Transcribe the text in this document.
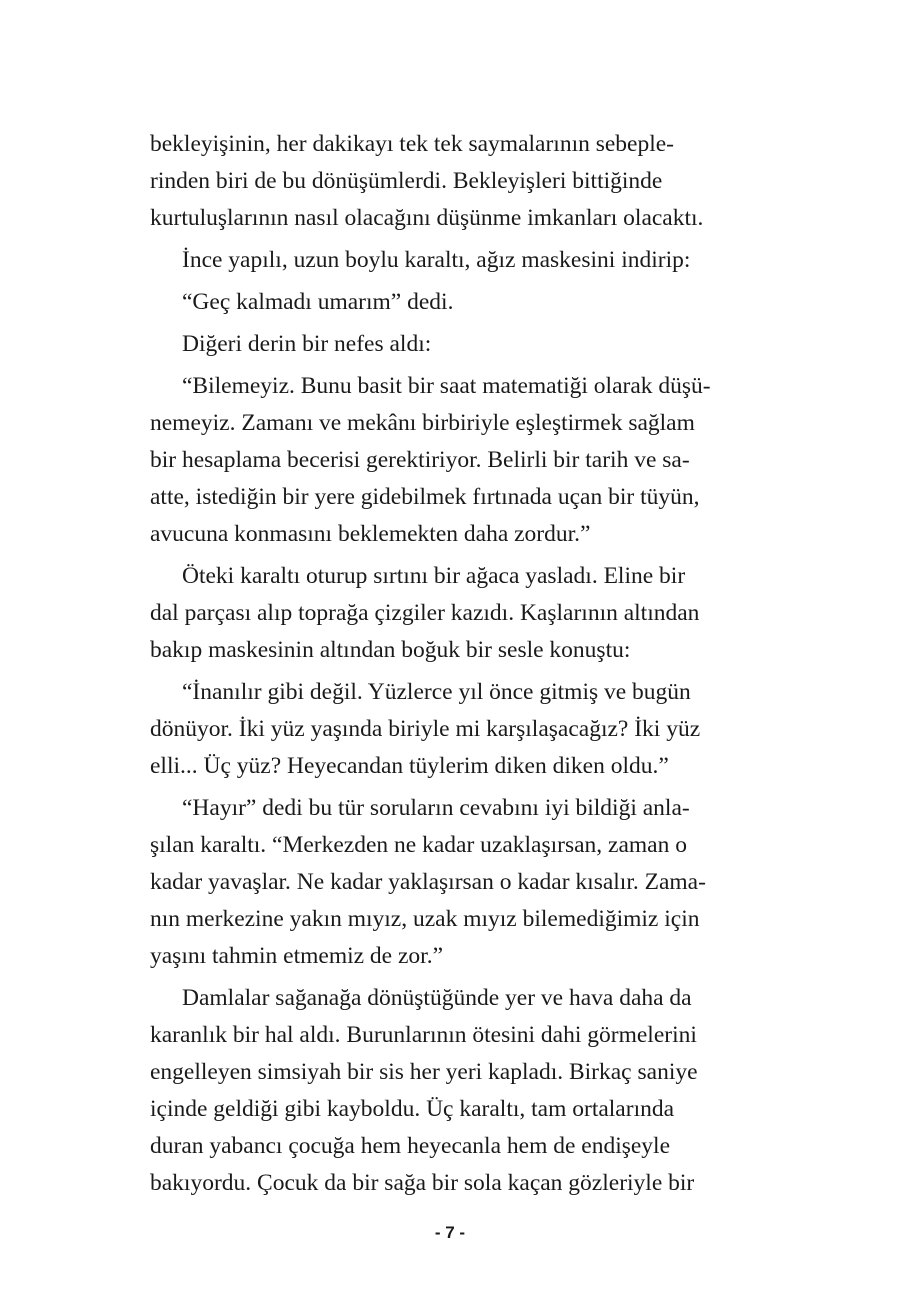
bekleyişinin, her dakikayı tek tek saymalarının sebeple-
rinden biri de bu dönüşümlerdi. Bekleyişleri bittiğinde
kurtuluşlarının nasıl olacağını düşünme imkanları olacaktı.
İnce yapılı, uzun boylu karaltı, ağız maskesini indirip:
“Geç kalmadı umarım” dedi.
Diğeri derin bir nefes aldı:
“Bilemeyiz. Bunu basit bir saat matematiği olarak düşü-
nemeyiz. Zamanı ve mekânı birbiriyle eşleştirmek sağlam
bir hesaplama becerisi gerektiriyor. Belirli bir tarih ve sa-
atte, istediğin bir yere gidebilmek fırtınada uçan bir tüyün,
avucuna konmasını beklemekten daha zordur.”
Öteki karaltı oturup sırtını bir ağaca yasladı. Eline bir
dal parçası alıp toprağa çizgiler kazıdı. Kaşlarının altından
bakıp maskesinin altından boğuk bir sesle konuştu:
“İnanılır gibi değil. Yüzlerce yıl önce gitmiş ve bugün
dönüyor. İki yüz yaşında biriyle mi karşılaşacağız? İki yüz
elli... Üç yüz? Heyecandan tüylerim diken diken oldu.”
“Hayır” dedi bu tür soruların cevabını iyi bildiği anla-
şılan karaltı. “Merkezden ne kadar uzaklaşırsan, zaman o
kadar yavaşlar. Ne kadar yaklaşırsan o kadar kısalır. Zama-
nın merkezine yakın mıyız, uzak mıyız bilemediğimiz için
yaşını tahmin etmemiz de zor.”
Damlalar sağanağa dönüştüğünde yer ve hava daha da
karanlık bir hal aldı. Burunlarının ötesini dahi görmelerini
engelleyen simsiyah bir sis her yeri kapladı. Birkaç saniye
içinde geldiği gibi kayboldu. Üç karaltı, tam ortalarında
duran yabancı çocuğa hem heyecanla hem de endişeyle
bakıyordu. Çocuk da bir sağa bir sola kaçan gözleriyle bir
- 7 -
